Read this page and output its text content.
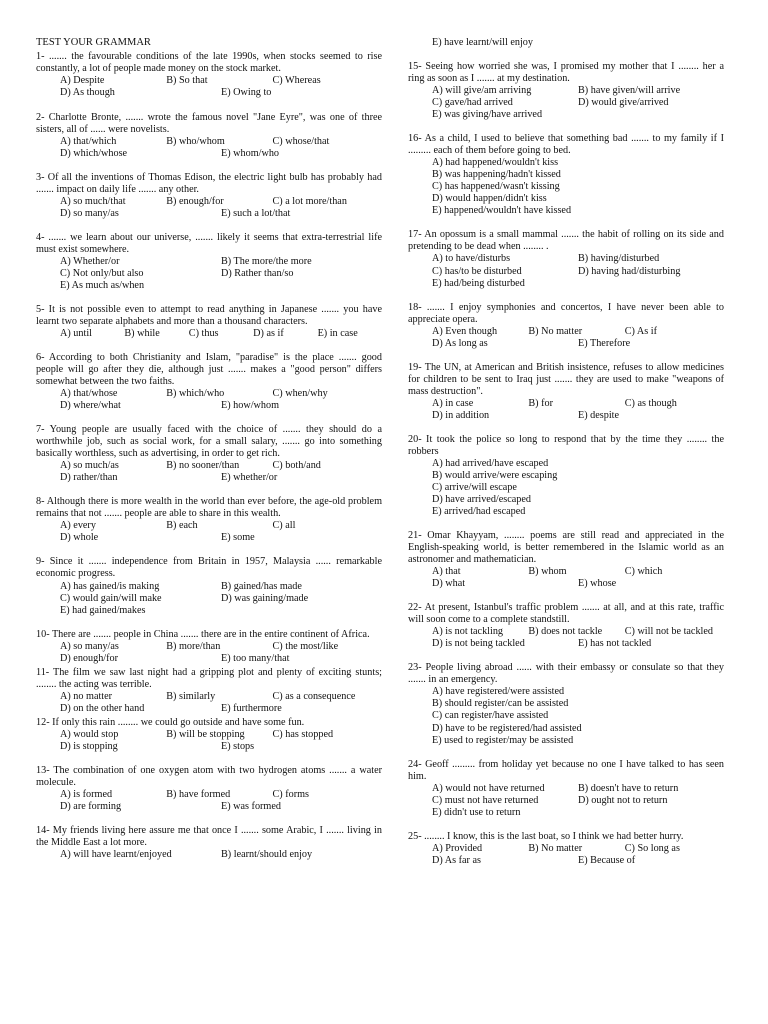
TEST YOUR GRAMMAR

1- ....... the favourable conditions of the late 1990s, when stocks seemed to rise constantly, a lot of people made money on the stock market.

A) Despite	B) So that	C) Whereas
D) As though	E) Owing to

2- Charlotte Bronte, ....... wrote the famous novel "Jane Eyre", was one of three sisters, all of ...... were novelists.

A) that/which	B) who/whom	C) whose/that
D) which/whose	E) whom/who

3- Of all the inventions of Thomas Edison, the electric light bulb has probably had ....... impact on daily life ....... any other.

A) so much/that	B) enough/for	C) a lot more/than
D) so many/as	E) such a lot/that

4- ....... we learn about our universe, ....... likely it seems that extra-terrestrial life must exist somewhere.

A) Whether/or	B) The more/the more
C) Not only/but also	D) Rather than/so
E) As much as/when

5- It is not possible even to attempt to read anything in Japanese ....... you have learnt two separate alphabets and more than a thousand characters.

A) until	B) while	C) thus	D) as if	E) in case

6- According to both Christianity and Islam, "paradise" is the place ....... good people will go after they die, although just ....... makes a "good person" differs somewhat between the two faiths.

A) that/whose	B) which/who	C) when/why
D) where/what	E) how/whom

7- Young people are usually faced with the choice of ....... they should do a worthwhile job, such as social work, for a small salary, ....... go into something basically worthless, such as advertising, in order to get rich.

A) so much/as	B) no sooner/than	C) both/and
D) rather/than	E) whether/or

8- Although there is more wealth in the world than ever before, the age-old problem remains that not ....... people are able to share in this wealth.

A) every	B) each	C) all
D) whole	E) some

9- Since it ....... independence from Britain in 1957, Malaysia ...... remarkable economic progress.

A) has gained/is making	B) gained/has made
C) would gain/will make	D) was gaining/made
E) had gained/makes

10- There are ....... people in China ....... there are in the entire continent of Africa.

A) so many/as	B) more/than	C) the most/like
D) enough/for	E) too many/that

11- The film we saw last night had a gripping plot and plenty of exciting stunts; ........ the acting was terrible.

A) no matter	B) similarly	C) as a consequence
D) on the other hand	E) furthermore

12- If only this rain ........ we could go outside and have some fun.

A) would stop	B) will be stopping	C) has stopped
D) is stopping	E) stops

13- The combination of one oxygen atom with two hydrogen atoms ....... a water molecule.

A) is formed	B) have formed	C) forms
D) are forming	E) was formed

14- My friends living here assure me that once I ....... some Arabic, I ....... living in the Middle East a lot more.

A) will have learnt/enjoyed	B) learnt/should enjoy
E) have learnt/will enjoy

15- Seeing how worried she was, I promised my mother that I ........ her a ring as soon as I ....... at my destination.

A) will give/am arriving	B) have given/will arrive
C) gave/had arrived	D) would give/arrived
E) was giving/have arrived

16- As a child, I used to believe that something bad ....... to my family if I ......... each of them before going to bed.

A) had happened/wouldn't kiss
B) was happening/hadn't kissed
C) has happened/wasn't kissing
D) would happen/didn't kiss
E) happened/wouldn't have kissed

17- An opossum is a small mammal ....... the habit of rolling on its side and pretending to be dead when ........ .

A) to have/disturbs	B) having/disturbed
C) has/to be disturbed	D) having had/disturbing
E) had/being disturbed

18- ....... I enjoy symphonies and concertos, I have never been able to appreciate opera.

A) Even though	B) No matter	C) As if
D) As long as	E) Therefore

19- The UN, at American and British insistence, refuses to allow medicines for children to be sent to Iraq just ....... they are used to make "weapons of mass destruction".

A) in case	B) for	C) as though
D) in addition	E) despite

20- It took the police so long to respond that by the time they ........ the robbers

A) had arrived/have escaped
B) would arrive/were escaping
C) arrive/will escape
D) have arrived/escaped
E) arrived/had escaped

21- Omar Khayyam, ........ poems are still read and appreciated in the English-speaking world, is better remembered in the Islamic world as an astronomer and mathematician.

A) that	B) whom	C) which
D) what	E) whose

22- At present, Istanbul's traffic problem ....... at all, and at this rate, traffic will soon come to a complete standstill.

A) is not tackling	B) does not tackle	C) will not be tackled
D) is not being tackled	E) has not tackled

23- People living abroad ...... with their embassy or consulate so that they ....... in an emergency.

A) have registered/were assisted
B) should register/can be assisted
C) can register/have assisted
D) have to be registered/had assisted
E) used to register/may be assisted

24- Geoff ......... from holiday yet because no one I have talked to has seen him.

A) would not have returned	B) doesn't have to return
C) must not have returned	D) ought not to return
E) didn't use to return

25- ........ I know, this is the last boat, so I think we had better hurry.

A) Provided	B) No matter	C) So long as
D) As far as	E) Because of
